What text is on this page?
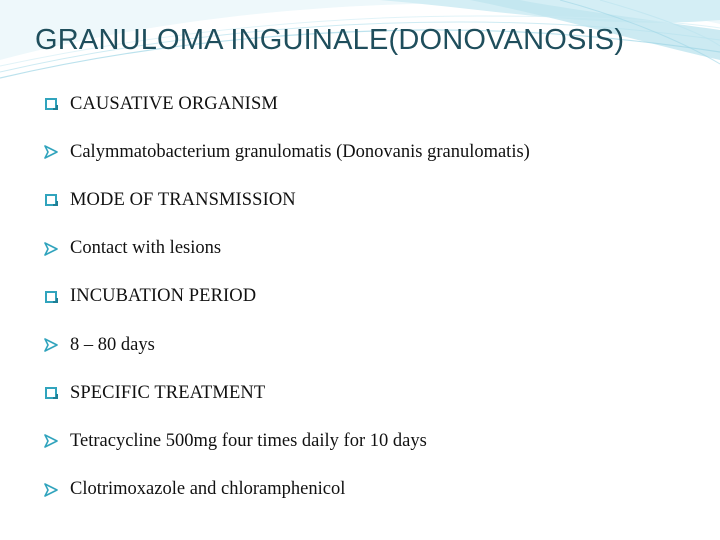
GRANULOMA INGUINALE(DONOVANOSIS)
CAUSATIVE ORGANISM
Calymmatobacterium granulomatis (Donovanis granulomatis)
MODE OF TRANSMISSION
Contact with lesions
INCUBATION PERIOD
8 – 80 days
SPECIFIC TREATMENT
Tetracycline 500mg four times daily for 10 days
Clotrimoxazole and chloramphenicol
